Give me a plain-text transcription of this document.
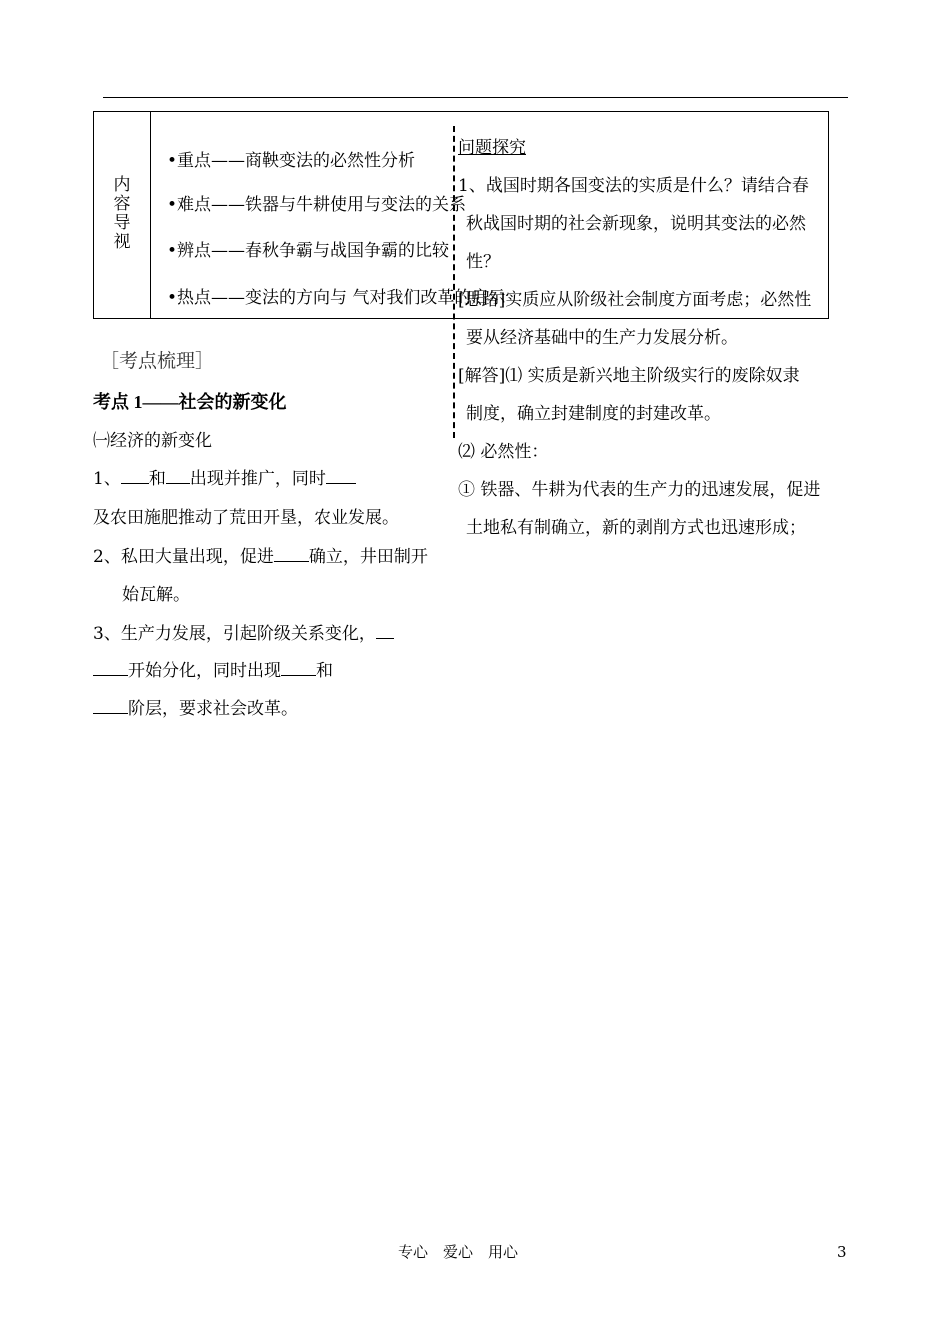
内容导视
•重点——商鞅变法的必然性分析
•难点——铁器与牛耕使用与变法的关系
•辨点——春秋争霸与战国争霸的比较
•热点——变法的方向与 气对我们改革的启示
［考点梳理］
考点 1——社会的新变化
㈠经济的新变化
1、 和 出现并推广，同时
及农田施肥推动了荒田开垦，农业发展。
2、私田大量出现，促进 确立，井田制开
始瓦解。
3、生产力发展，引起阶级关系变化，
开始分化，同时出现 和
阶层，要求社会改革。
问题探究
1、战国时期各国变法的实质是什么？请结合春
秋战国时期的社会新现象，说明其变法的必然
性？
[思路]实质应从阶级社会制度方面考虑；必然性
要从经济基础中的生产力发展分析。
[解答]⑴ 实质是新兴地主阶级实行的废除奴隶
制度，确立封建制度的封建改革。
⑵ 必然性：
① 铁器、牛耕为代表的生产力的迅速发展，促进
土地私有制确立，新的剥削方式也迅速形成；
专心　爱心　用心	3
